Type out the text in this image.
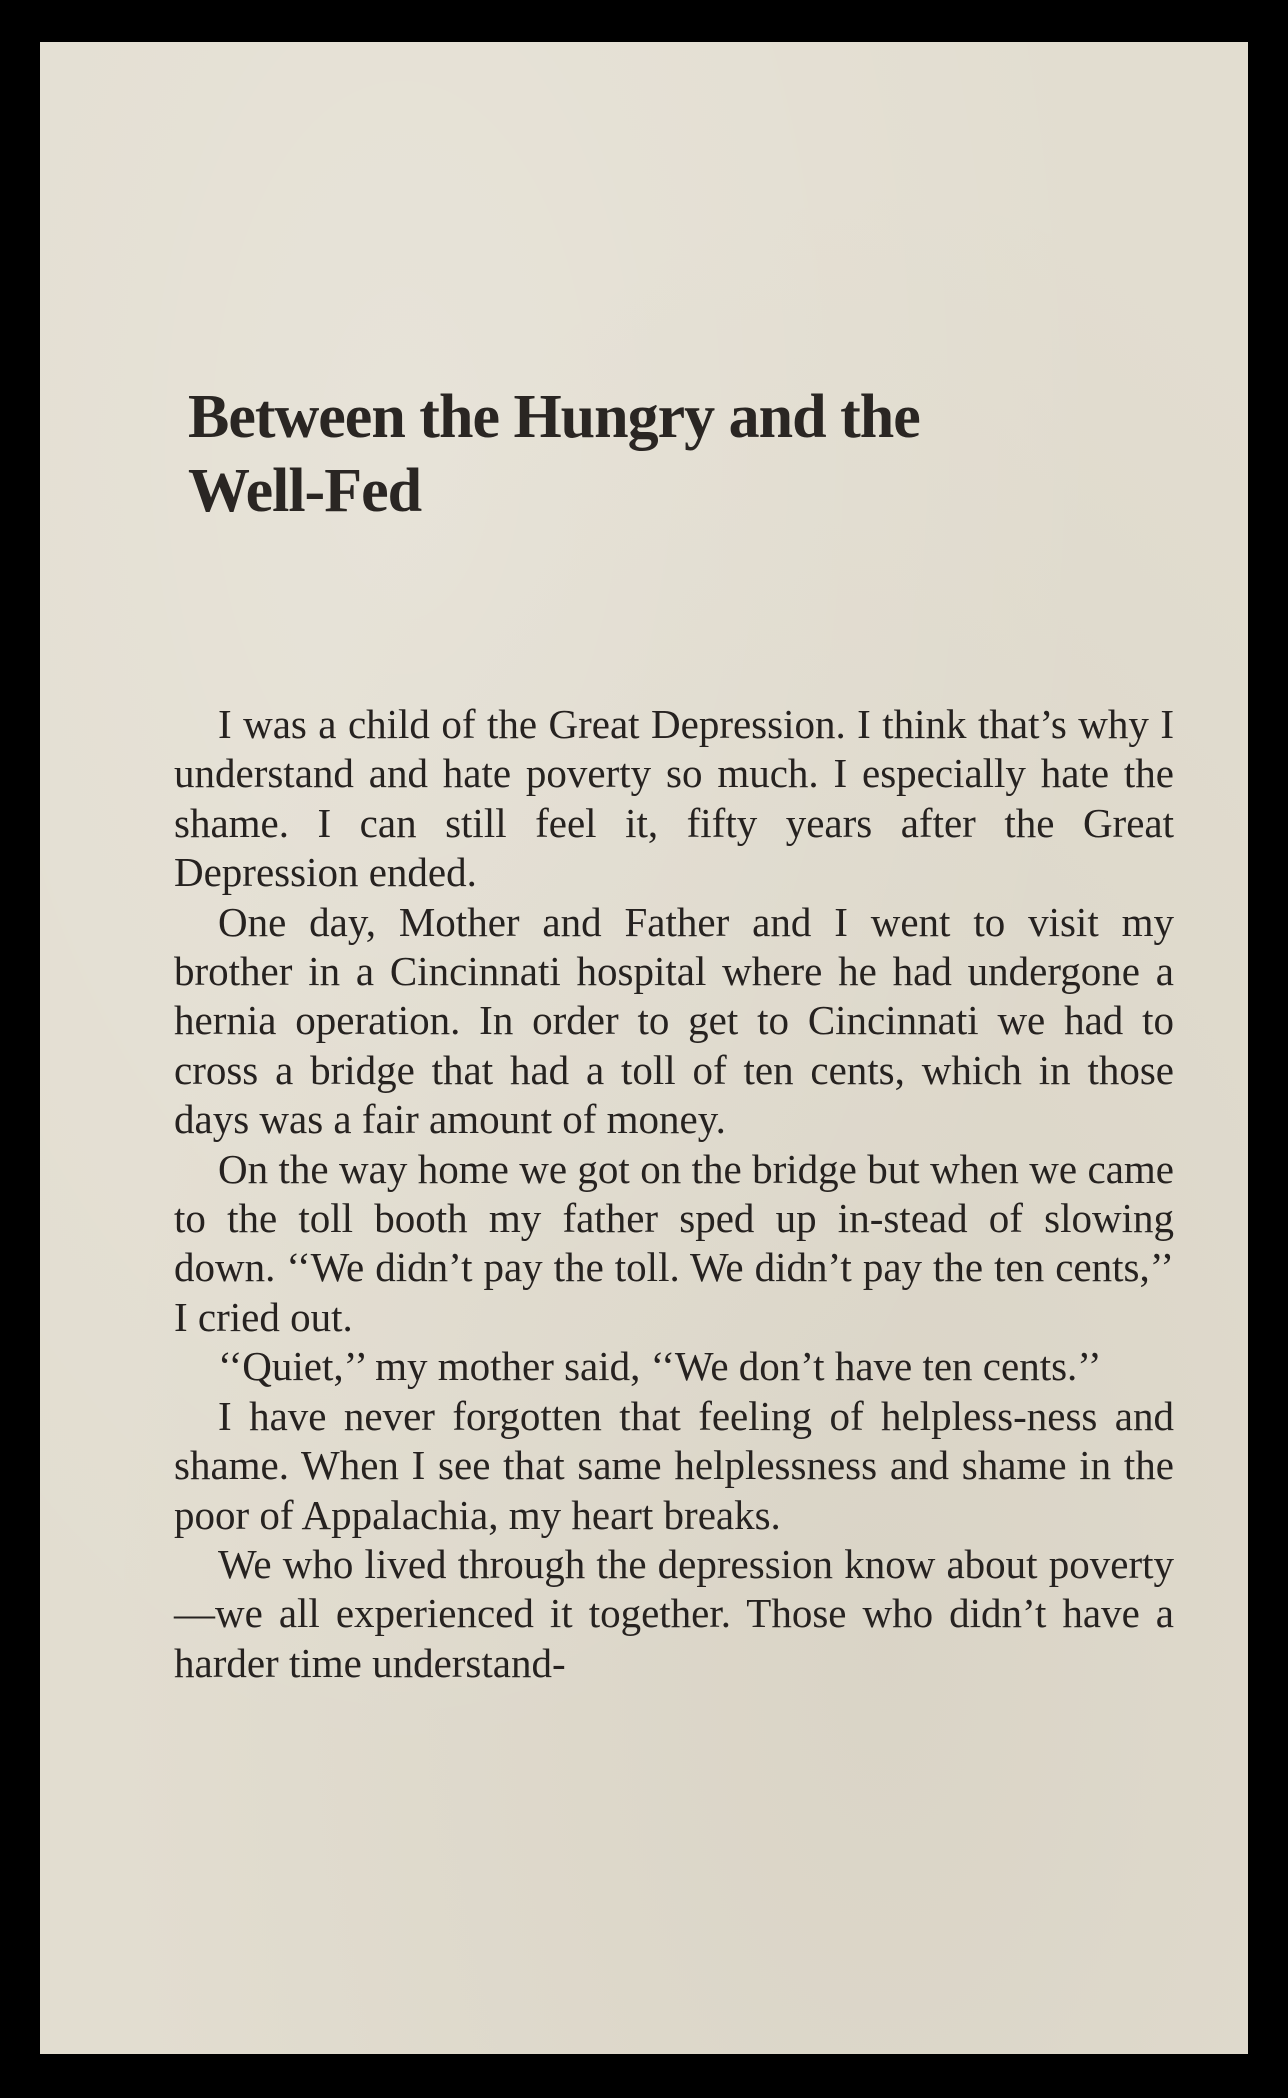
Between the Hungry and the
Well-Fed

I was a child of the Great Depression. I think that’s why I understand and hate poverty so much. I especially hate the shame. I can still feel it, fifty years after the Great Depression ended.

One day, Mother and Father and I went to visit my brother in a Cincinnati hospital where he had undergone a hernia operation. In order to get to Cincinnati we had to cross a bridge that had a toll of ten cents, which in those days was a fair amount of money.

On the way home we got on the bridge but when we came to the toll booth my father sped up in-stead of slowing down. ‘‘We didn’t pay the toll. We didn’t pay the ten cents,’’ I cried out.

‘‘Quiet,’’ my mother said, ‘‘We don’t have ten cents.’’

I have never forgotten that feeling of helpless-ness and shame. When I see that same helplessness and shame in the poor of Appalachia, my heart breaks.

We who lived through the depression know about poverty—we all experienced it together. Those who didn’t have a harder time understand-
